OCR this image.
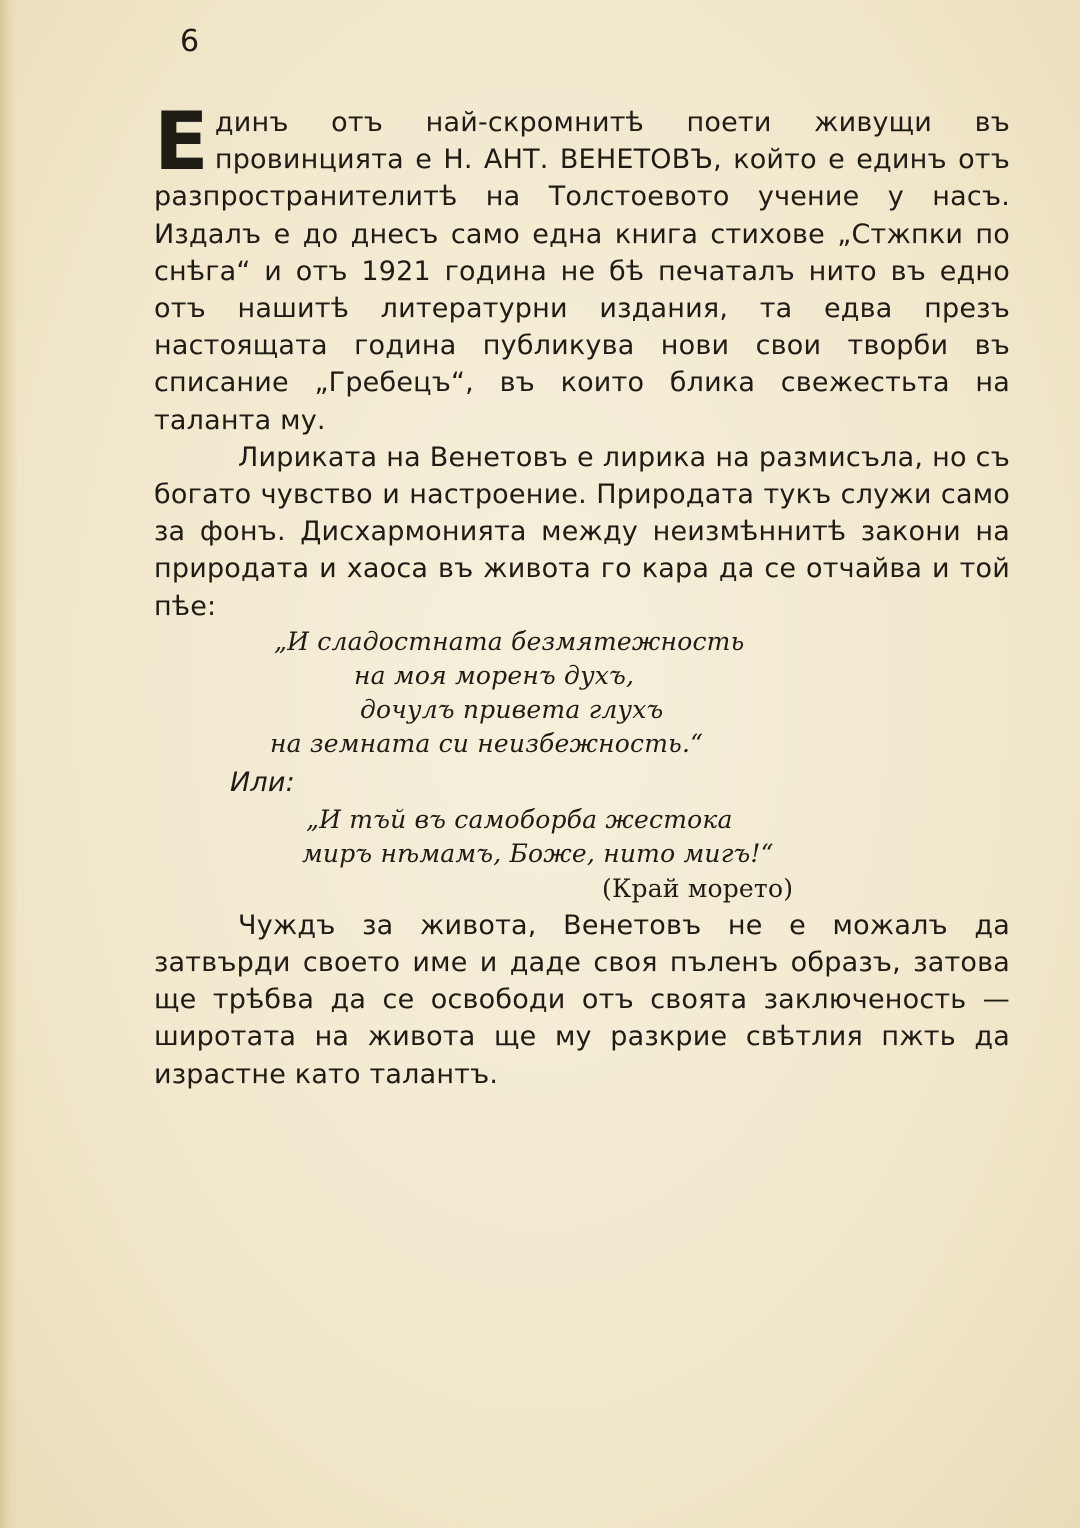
6

Единъ отъ най-скромнитѣ поети живущи въ провинцията е Н. АНТ. ВЕНЕТОВЪ, който е единъ отъ разпространителитѣ на Толстоевото учение у насъ. Издалъ е до днесъ само една книга стихове „Стжпки по снѣга“ и отъ 1921 година не бѣ печаталъ нито въ едно отъ нашитѣ литературни издания, та едва презъ настоящата година публикува нови свои творби въ списание „Гребецъ“, въ които блика свежестьта на таланта му.

Лириката на Венетовъ е лирика на размисъла, но съ богато чувство и настроение. Природата тукъ служи само за фонъ. Дисхармонията между неизмѣннитѣ закони на природата и хаоса въ живота го кара да се отчайва и той пѣе:

„И сладостната безмятежность
на моя моренъ духъ,
дочулъ привета глухъ
на земната си неизбежность.“
Или:
„И тъй въ самоборба жестока
миръ нѣмамъ, Боже, нито мигъ!“
(Край морето)

Чуждъ за живота, Венетовъ не е можалъ да затвърди своето име и даде своя пъленъ образъ, затова ще трѣбва да се освободи отъ своята заключеность — широтата на живота ще му разкрие свѣтлия пжть да израстне като талантъ.
